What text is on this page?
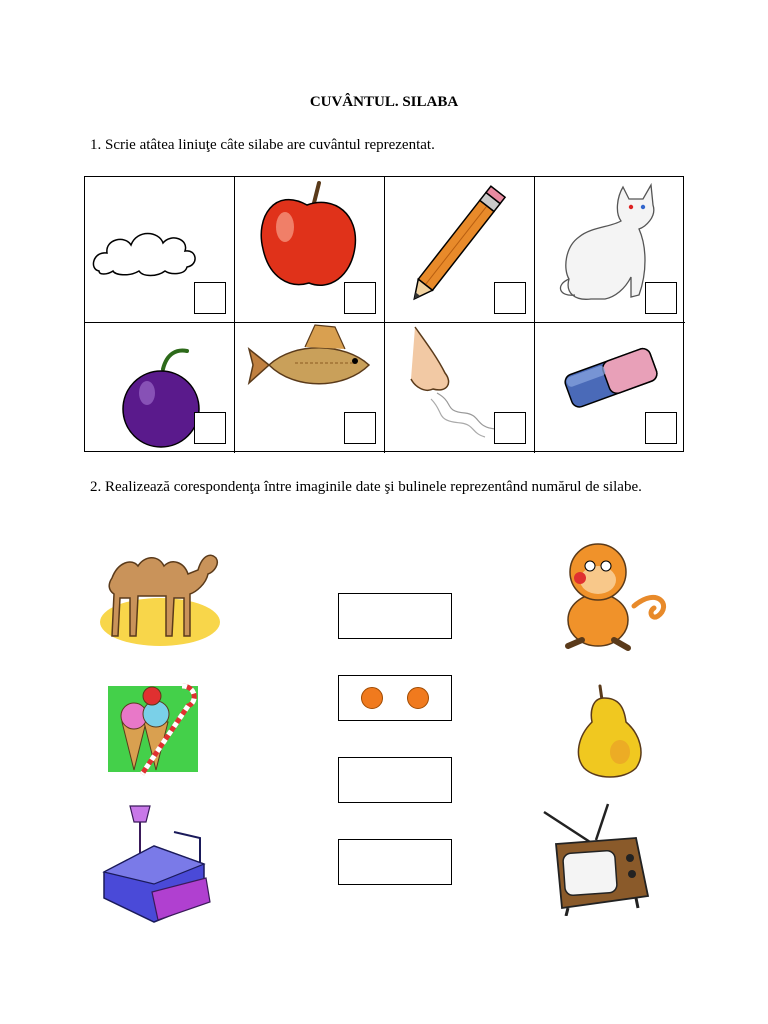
CUVÂNTUL. SILABA
1. Scrie atâtea liniuţe câte silabe are cuvântul reprezentat.
2. Realizează corespondenţa între imaginile date şi bulinele reprezentând numărul de silabe.
